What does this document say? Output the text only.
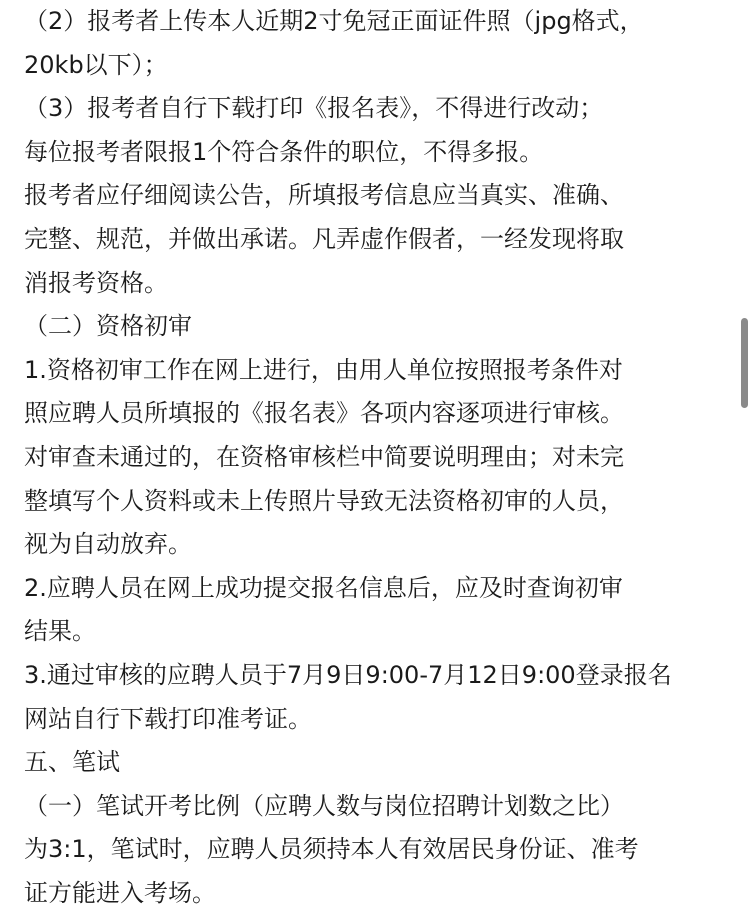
（2）报考者上传本人近期2寸免冠正面证件照（jpg格式，
20kb以下）；
（3）报考者自行下载打印《报名表》，不得进行改动；
每位报考者限报1个符合条件的职位，不得多报。
报考者应仔细阅读公告，所填报考信息应当真实、准确、
完整、规范，并做出承诺。凡弄虚作假者，一经发现将取
消报考资格。
（二）资格初审
1.资格初审工作在网上进行，由用人单位按照报考条件对
照应聘人员所填报的《报名表》各项内容逐项进行审核。
对审查未通过的，在资格审核栏中简要说明理由；对未完
整填写个人资料或未上传照片导致无法资格初审的人员，
视为自动放弃。
2.应聘人员在网上成功提交报名信息后，应及时查询初审
结果。
3.通过审核的应聘人员于7月9日9:00-7月12日9:00登录报名
网站自行下载打印准考证。
五、笔试
（一）笔试开考比例（应聘人数与岗位招聘计划数之比）
为3:1，笔试时，应聘人员须持本人有效居民身份证、准考
证方能进入考场。
